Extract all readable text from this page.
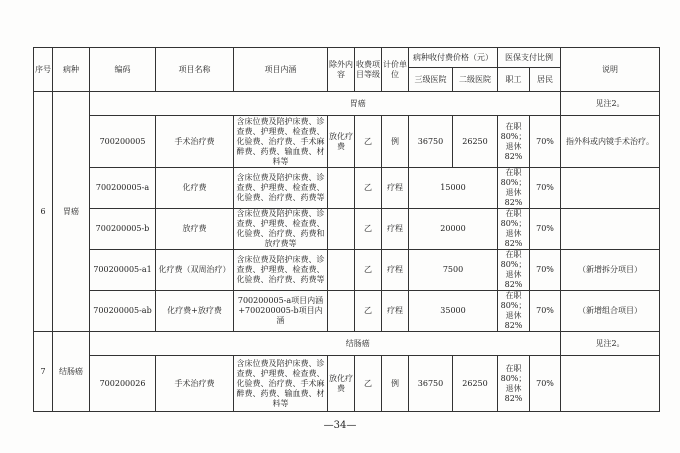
序号	病种	编码	项目名称	项目内涵	除外内容	收费项目等级	计价单位	病种收付费价格（元）		医保支付比例		说明
								三级医院	二级医院	职工	居民	
6	胃癌		胃癌									见注2。
		700200005	手术治疗费	含床位费及陪护床费、诊查费、护理费、检查费、化验费、治疗费、手术麻醉费、药费、输血费、材料等	放化疗费	乙	例	36750	26250	在职80%；退休82%	70%	指外科或内镜手术治疗。
		700200005-a	化疗费	含床位费及陪护床费、诊查费、护理费、检查费、化验费、治疗费、药费等		乙	疗程	15000		在职80%；退休82%	70%	
		700200005-b	放疗费	含床位费及陪护床费、诊查费、护理费、检查费、化验费、治疗费、药费和放疗费等		乙	疗程	20000		在职80%；退休82%	70%	
		700200005-a1	化疗费（双周治疗）	含床位费及陪护床费、诊查费、护理费、检查费、化验费、治疗费、药费等		乙	疗程	7500		在职80%；退休82%	70%	（新增拆分项目）
		700200005-ab	化疗费+放疗费	700200005-a项目内涵+700200005-b项目内涵		乙	疗程	35000		在职80%；退休82%	70%	（新增组合项目）
7	结肠癌		结肠癌									见注2。
		700200026	手术治疗费	含床位费及陪护床费、诊查费、护理费、检查费、化验费、治疗费、手术麻醉费、药费、输血费、材料等	放化疗费	乙	例	36750	26250	在职80%；退休82%	70%	
—34—
